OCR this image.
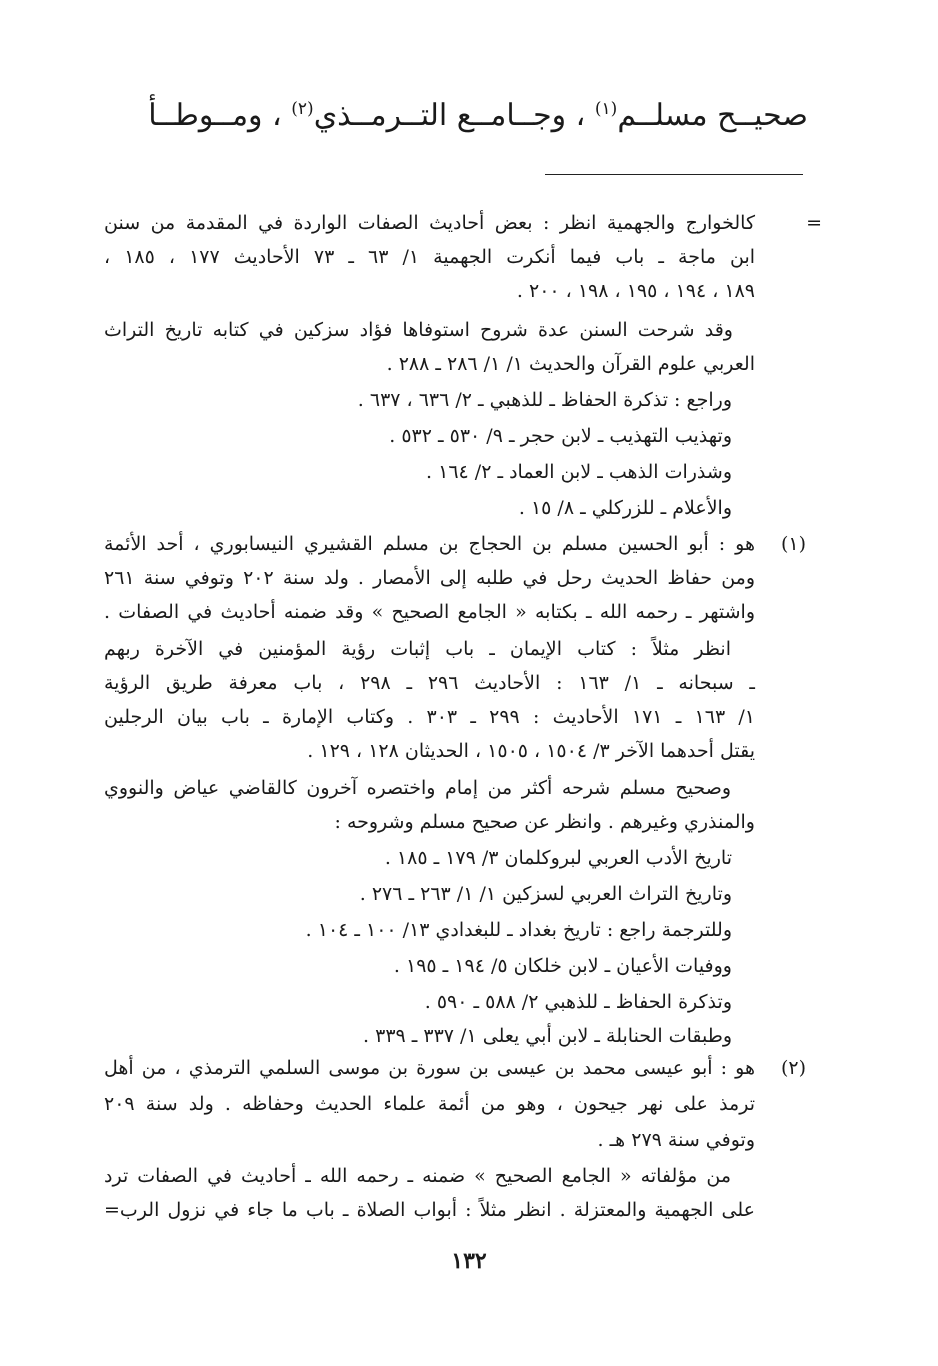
صحيــح مسلــم$^{(١)}$ ، وجــامــع التــرمــذي$^{(٢)}$ ، ومــوطــأ
=
كالخوارج والجهمية انظر : بعض أحاديث الصفات الواردة في المقدمة من سنن
ابن ماجة ـ باب فيما أنكرت الجهمية ١/ ٦٣ ـ ٧٣ الأحاديث ١٧٧ ، ١٨٥ ،
١٨٩ ، ١٩٤ ، ١٩٥ ، ١٩٨ ، ٢٠٠ .
وقد شرحت السنن عدة شروح استوفاها فؤاد سزكين في كتابه تاريخ التراث
العربي علوم القرآن والحديث ١/ ١/ ٢٨٦ ـ ٢٨٨ .
وراجع : تذكرة الحفاظ ـ للذهبي ـ ٢/ ٦٣٦ ، ٦٣٧ .
وتهذيب التهذيب ـ لابن حجر ـ ٩/ ٥٣٠ ـ ٥٣٢ .
وشذرات الذهب ـ لابن العماد ـ ٢/ ١٦٤ .
والأعلام ـ للزركلي ـ ٨/ ١٥ .
(١)
هو : أبو الحسين مسلم بن الحجاج بن مسلم القشيري النيسابوري ، أحد الأئمة
ومن حفاظ الحديث رحل في طلبه إلى الأمصار . ولد سنة ٢٠٢ وتوفي سنة ٢٦١
واشتهر ـ رحمه الله ـ بكتابه « الجامع الصحيح » وقد ضمنه أحاديث في الصفات .
انظر مثلاً : كتاب الإيمان ـ باب إثبات رؤية المؤمنين في الآخرة ربهم
ـ سبحانه ـ ١/ ١٦٣ : الأحاديث ٢٩٦ ـ ٢٩٨ ، باب معرفة طريق الرؤية
١/ ١٦٣ ـ ١٧١ الأحاديث : ٢٩٩ ـ ٣٠٣ . وكتاب الإمارة ـ باب بيان الرجلين
يقتل أحدهما الآخر ٣/ ١٥٠٤ ، ١٥٠٥ ، الحديثان ١٢٨ ، ١٢٩ .
وصحيح مسلم شرحه أكثر من إمام واختصره آخرون كالقاضي عياض والنووي
والمنذري وغيرهم . وانظر عن صحيح مسلم وشروحه :
تاريخ الأدب العربي لبروكلمان ٣/ ١٧٩ ـ ١٨٥ .
وتاريخ التراث العربي لسزكين ١/ ١/ ٢٦٣ ـ ٢٧٦ .
وللترجمة راجع : تاريخ بغداد ـ للبغدادي ١٣/ ١٠٠ ـ ١٠٤ .
ووفيات الأعيان ـ لابن خلكان ٥/ ١٩٤ ـ ١٩٥ .
وتذكرة الحفاظ ـ للذهبي ٢/ ٥٨٨ ـ ٥٩٠ .
وطبقات الحنابلة ـ لابن أبي يعلى ١/ ٣٣٧ ـ ٣٣٩ .
(٢)
هو : أبو عيسى محمد بن عيسى بن سورة بن موسى السلمي الترمذي ، من أهل
ترمذ على نهر جيحون ، وهو من أئمة علماء الحديث وحفاظه . ولد سنة ٢٠٩
وتوفي سنة ٢٧٩ هـ .
من مؤلفاته « الجامع الصحيح » ضمنه ـ رحمه الله ـ أحاديث في الصفات ترد
على الجهمية والمعتزلة . انظر مثلاً : أبواب الصلاة ـ باب ما جاء في نزول الرب=
١٣٢
